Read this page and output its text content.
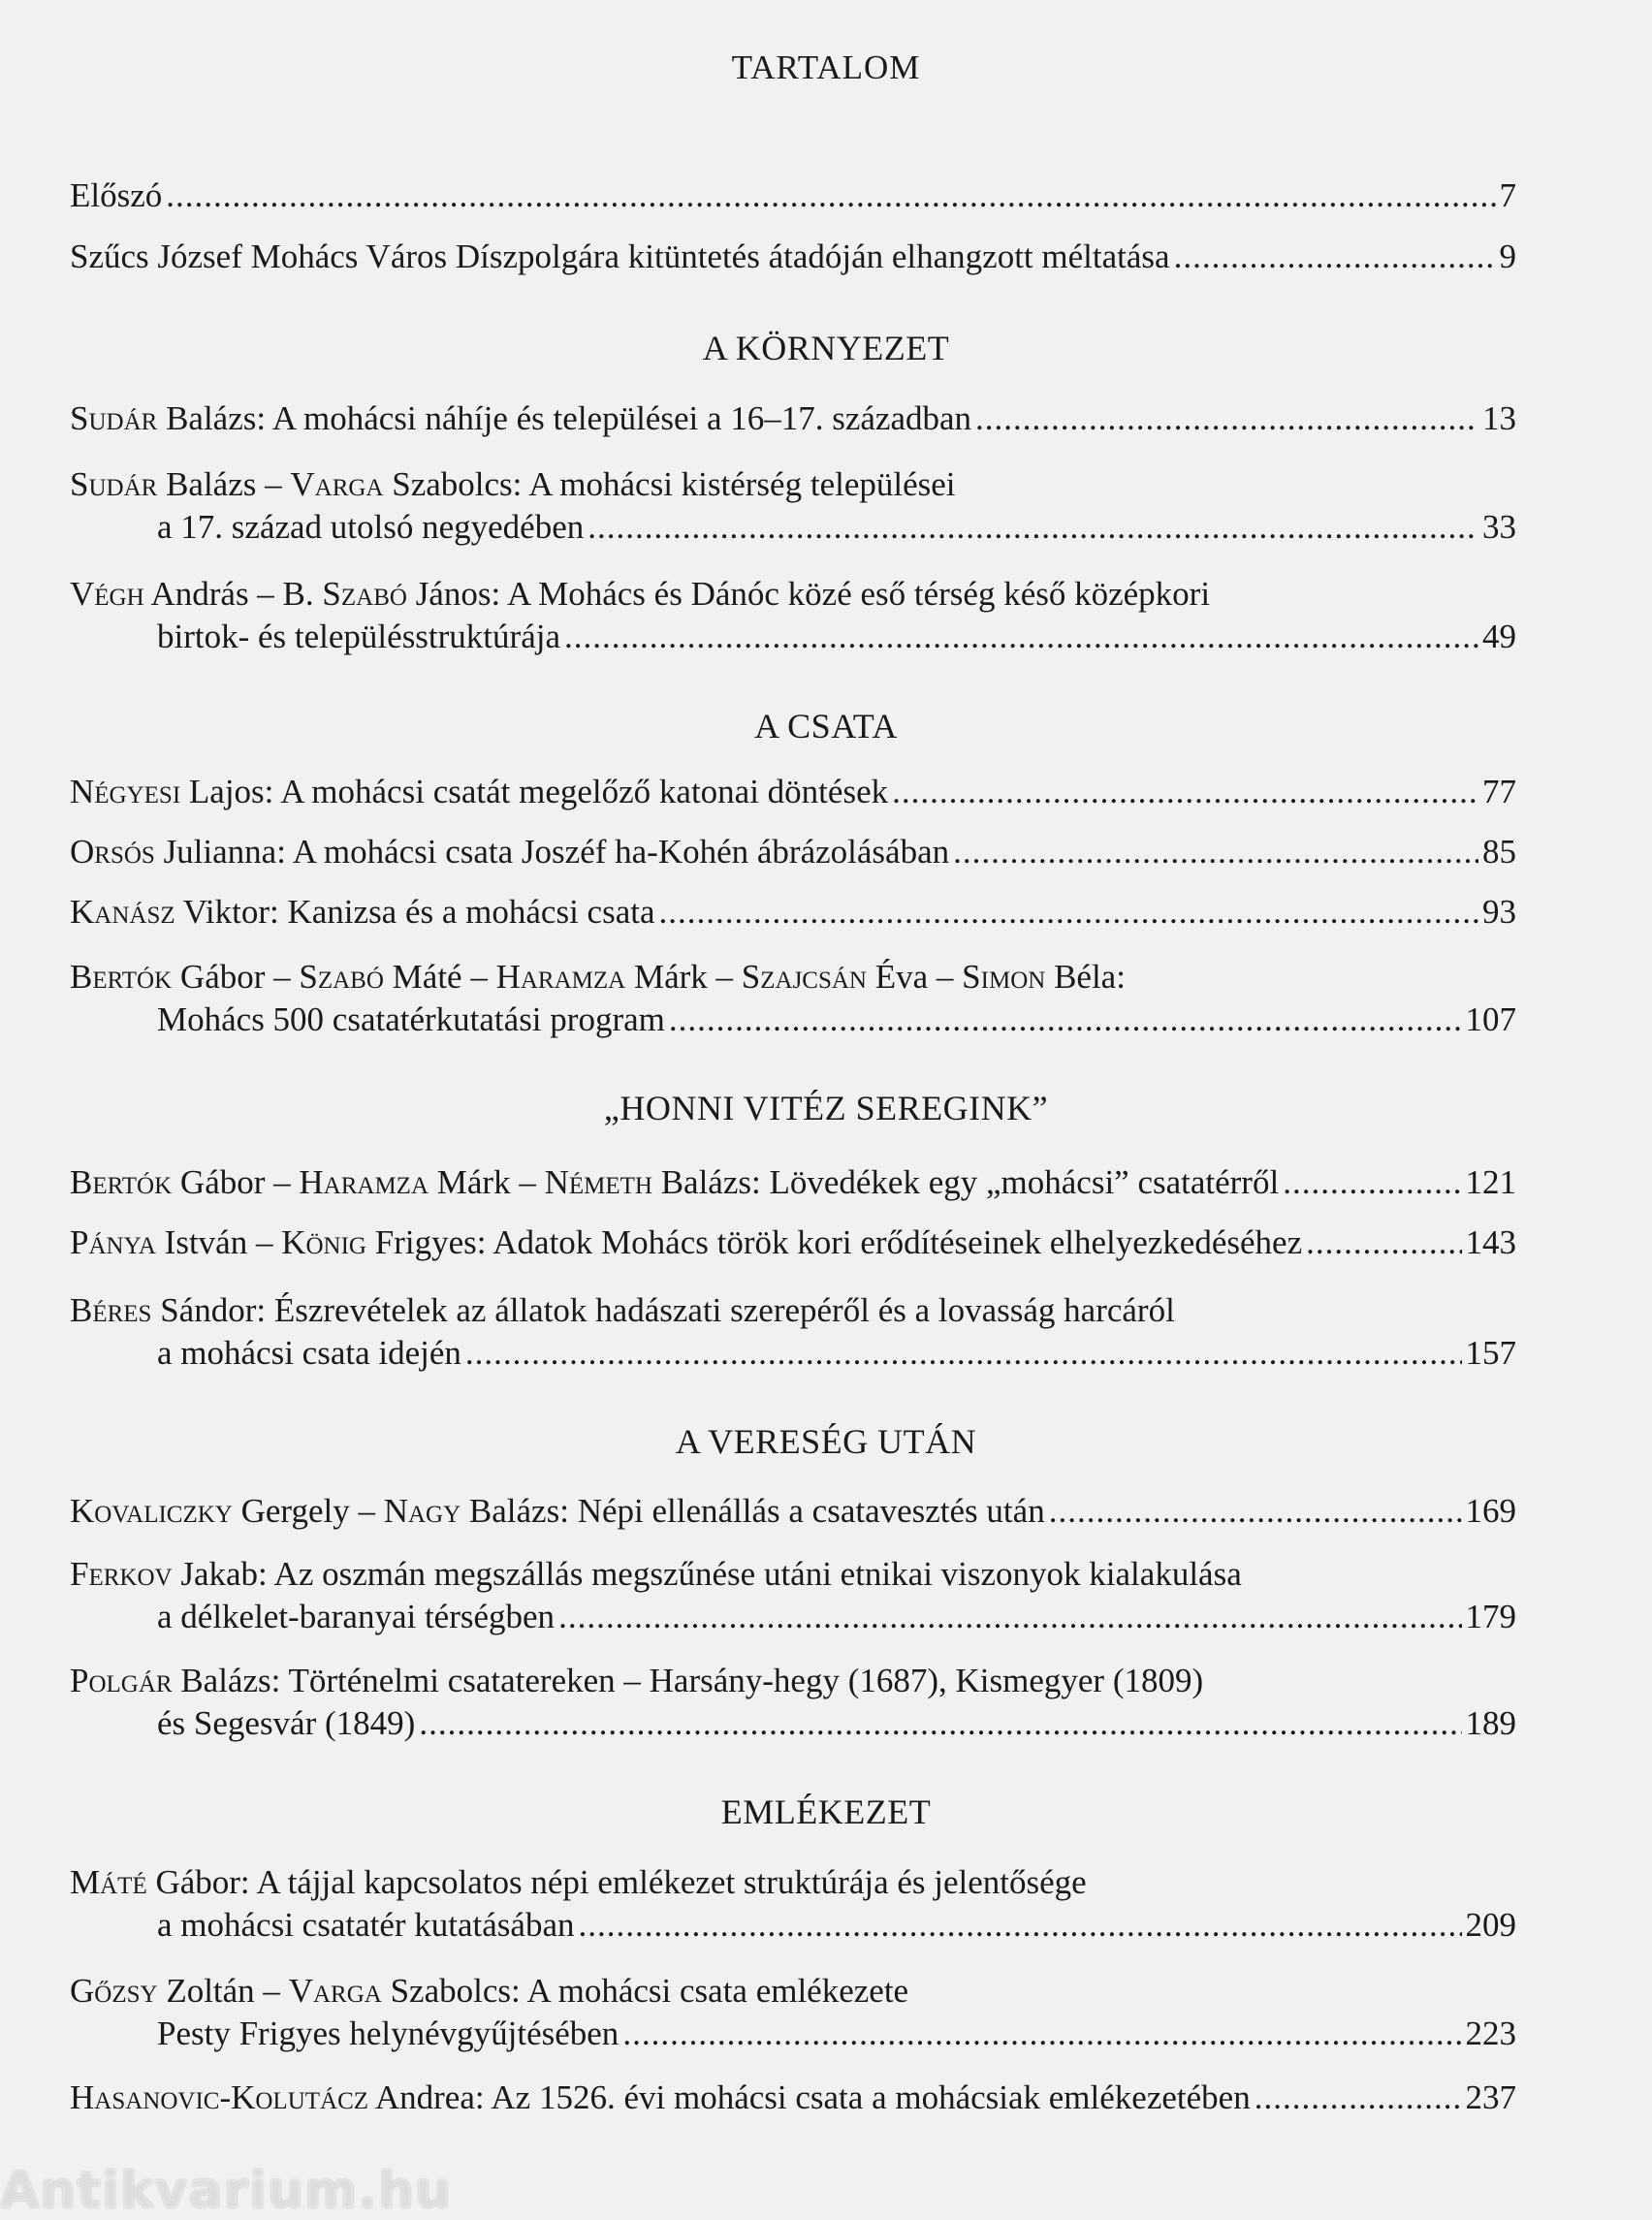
TARTALOM
Előszó .....	7
Szűcs József Mohács Város Díszpolgára kitüntetés átadóján elhangzott méltatása .....	9
A KÖRNYEZET
Sudár Balázs: A mohácsi náhíje és települései a 16–17. században .....	13
Sudár Balázs – Varga Szabolcs: A mohácsi kistérség települései
a 17. század utolsó negyedében .....	33
Végh András – B. Szabó János: A Mohács és Dánóc közé eső térség késő középkori
birtok- és településstruktúrája .....	49
A CSATA
Négyesi Lajos: A mohácsi csatát megelőző katonai döntések .....	77
Orsós Julianna: A mohácsi csata Joszéf ha-Kohén ábrázolásában .....	85
Kanász Viktor: Kanizsa és a mohácsi csata .....	93
Bertók Gábor – Szabó Máté – Haramza Márk – Szajcsán Éva – Simon Béla:
Mohács 500 csatatérkutatási program .....	107
„HONNI VITÉZ SEREGINK”
Bertók Gábor – Haramza Márk – Németh Balázs: Lövedékek egy „mohácsi” csatatérről .....	121
Pánya István – König Frigyes: Adatok Mohács török kori erődítéseinek elhelyezkedéséhez .....	143
Béres Sándor: Észrevételek az állatok hadászati szerepéről és a lovasság harcáról
a mohácsi csata idején .....	157
A VERESÉG UTÁN
Kovaliczky Gergely – Nagy Balázs: Népi ellenállás a csatavesztés után .....	169
Ferkov Jakab: Az oszmán megszállás megszűnése utáni etnikai viszonyok kialakulása
a délkelet-baranyai térségben .....	179
Polgár Balázs: Történelmi csatatereken – Harsány-hegy (1687), Kismegyer (1809)
és Segesvár (1849) .....	189
EMLÉKEZET
Máté Gábor: A tájjal kapcsolatos népi emlékezet struktúrája és jelentősége
a mohácsi csatatér kutatásában .....	209
Gőzsy Zoltán – Varga Szabolcs: A mohácsi csata emlékezete
Pesty Frigyes helynévgyűjtésében .....	223
Hasanovic-Kolutácz Andrea: Az 1526. évi mohácsi csata a mohácsiak emlékezetében .....	237
Antikvarium.hu
